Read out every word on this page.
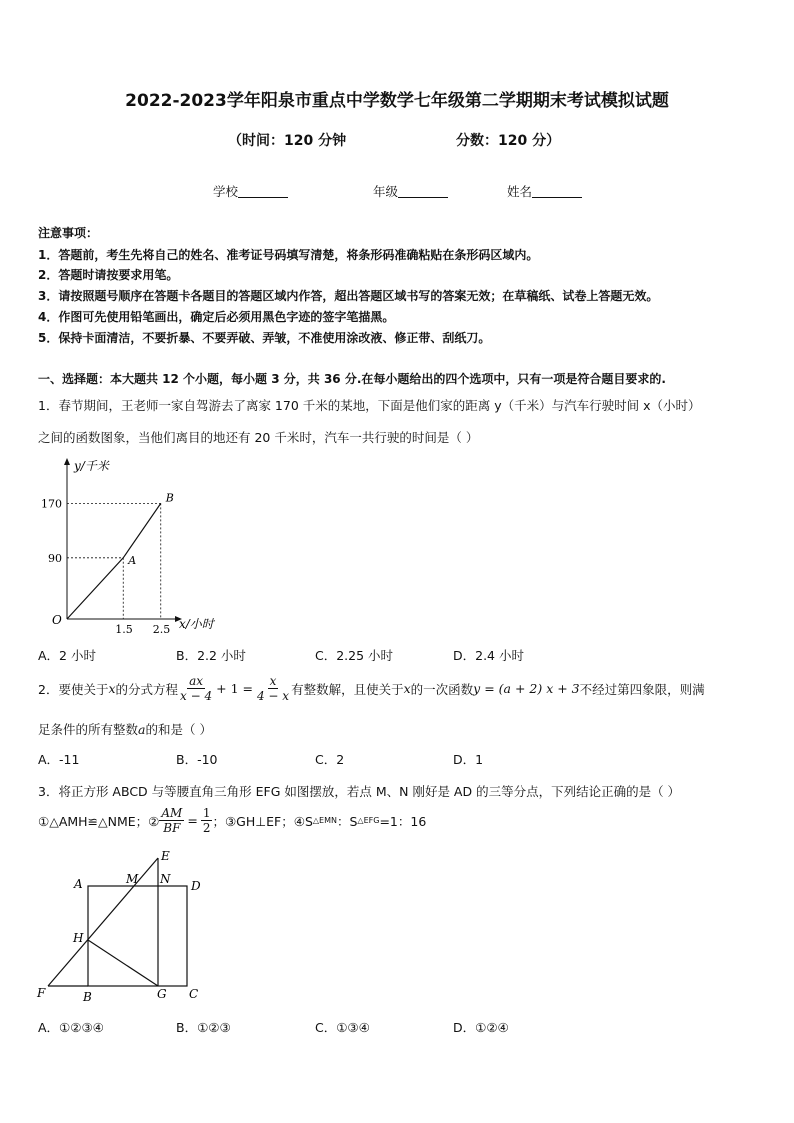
2022-2023学年阳泉市重点中学数学七年级第二学期期末考试模拟试题
（时间：120 分钟	分数：120 分）
学校	年级	姓名
注意事项：
1．答题前，考生先将自己的姓名、准考证号码填写清楚，将条形码准确粘贴在条形码区域内。
2．答题时请按要求用笔。
3．请按照题号顺序在答题卡各题目的答题区域内作答，超出答题区域书写的答案无效；在草稿纸、试卷上答题无效。
4．作图可先使用铅笔画出，确定后必须用黑色字迹的签字笔描黑。
5．保持卡面清洁，不要折暴、不要弄破、弄皱，不准使用涂改液、修正带、刮纸刀。
一、选择题：本大题共 12 个小题，每小题 3 分，共 36 分.在每小题给出的四个选项中，只有一项是符合题目要求的.
1．春节期间，王老师一家自驾游去了离家 170 千米的某地，下面是他们家的距离 y（千米）与汽车行驶时间 x（小时）
之间的函数图象，当他们离目的地还有 20 千米时，汽车一共行驶的时间是（ ）
y/千米
x/小时
170
90
1.5 2.5
O
A
B
A．2 小时	B．2.2 小时	C．2.25 小时	D．2.4 小时
2．要使关于 x 的分式方程 $\frac{ax}{x - 4} + 1 = \frac{x}{4 - x}$ 有整数解，且使关于 x 的一次函数 y = (a + 2) x + 3 不经过第四象限，则满
足条件的所有整数a的和是（ ）
A．-11	B．-10	C．2	D．1
3．将正方形 ABCD 与等腰直角三角形 EFG 如图摆放，若点 M、N 刚好是 AD 的三等分点，下列结论正确的是（ ）
①△AMH≌△NME；② $\frac{AM}{BF} = \frac{1}{2}$ ；③GH⊥EF；④S △EMN ：S △EFG =1：16
E
A	M N D
H
F	B	G C
A．①②③④	B．①②③	C．①③④	D．①②④
